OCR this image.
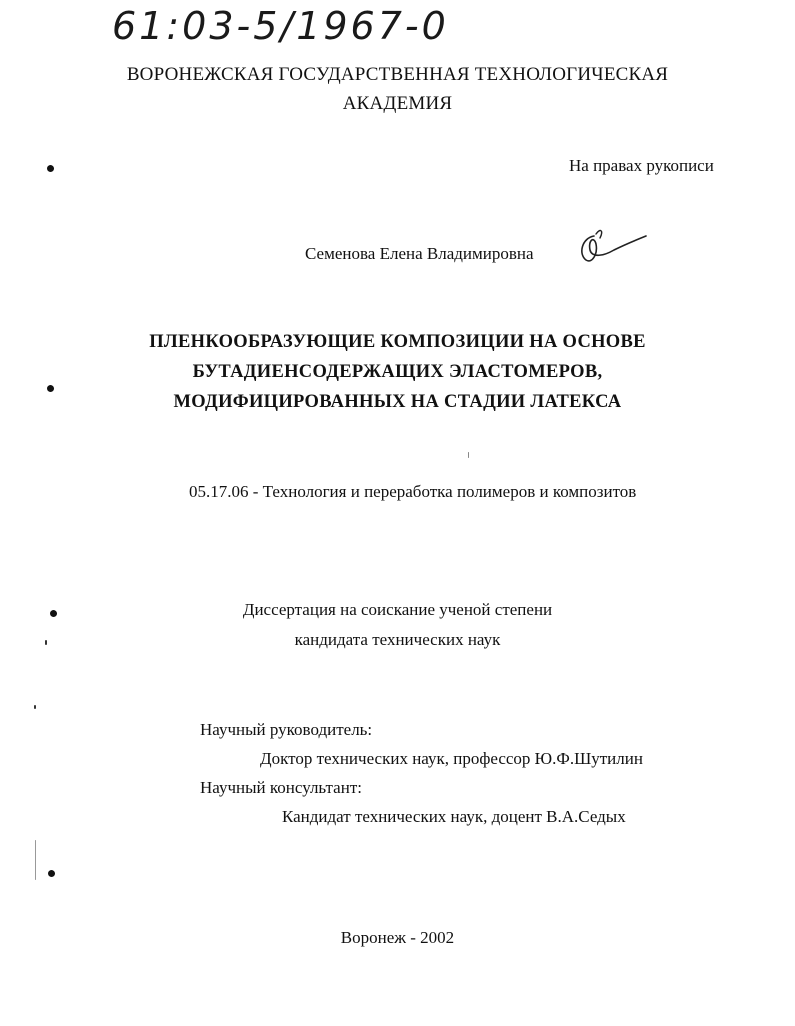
61:03-5/1967-0
ВОРОНЕЖСКАЯ ГОСУДАРСТВЕННАЯ ТЕХНОЛОГИЧЕСКАЯ
АКАДЕМИЯ
На правах рукописи
Семенова Елена Владимировна
ПЛЕНКООБРАЗУЮЩИЕ КОМПОЗИЦИИ НА ОСНОВЕ
БУТАДИЕНСОДЕРЖАЩИХ ЭЛАСТОМЕРОВ,
МОДИФИЦИРОВАННЫХ НА СТАДИИ ЛАТЕКСА
05.17.06 - Технология и переработка полимеров и композитов
Диссертация на соискание ученой степени
кандидата технических наук
Научный руководитель:
Доктор технических наук, профессор Ю.Ф.Шутилин
Научный консультант:
Кандидат технических наук, доцент В.А.Седых
Воронеж - 2002
